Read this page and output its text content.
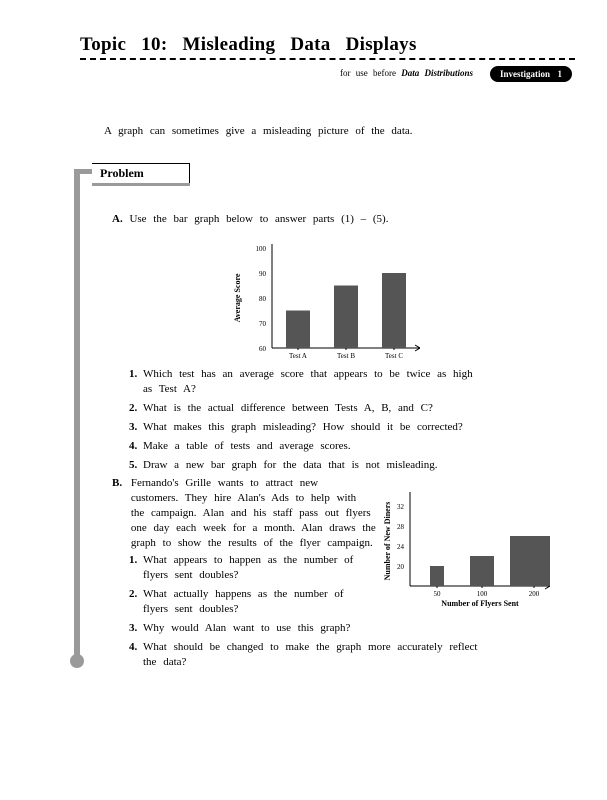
Topic 10: Misleading Data Displays
for use before Data Distributions	Investigation 1
A graph can sometimes give a misleading picture of the data.
Problem
A. Use the bar graph below to answer parts (1) – (5).
60
70
80
90
100
Test A	Test B	Test C
Average Score
1. Which test has an average score that appears to be twice as high
as Test A?
2. What is the actual difference between Tests A, B, and C?
3. What makes this graph misleading? How should it be corrected?
4. Make a table of tests and average scores.
5. Draw a new bar graph for the data that is not misleading.
B. Fernando's Grille wants to attract new
customers. They hire Alan's Ads to help with
the campaign. Alan and his staff pass out flyers
one day each week for a month. Alan draws the
graph to show the results of the flyer campaign.
20
24
28
32
50	100	200
Number of New Diners
Number of Flyers Sent
1. What appears to happen as the number of
flyers sent doubles?
2. What actually happens as the number of
flyers sent doubles?
3. Why would Alan want to use this graph?
4. What should be changed to make the graph more accurately reflect
the data?
